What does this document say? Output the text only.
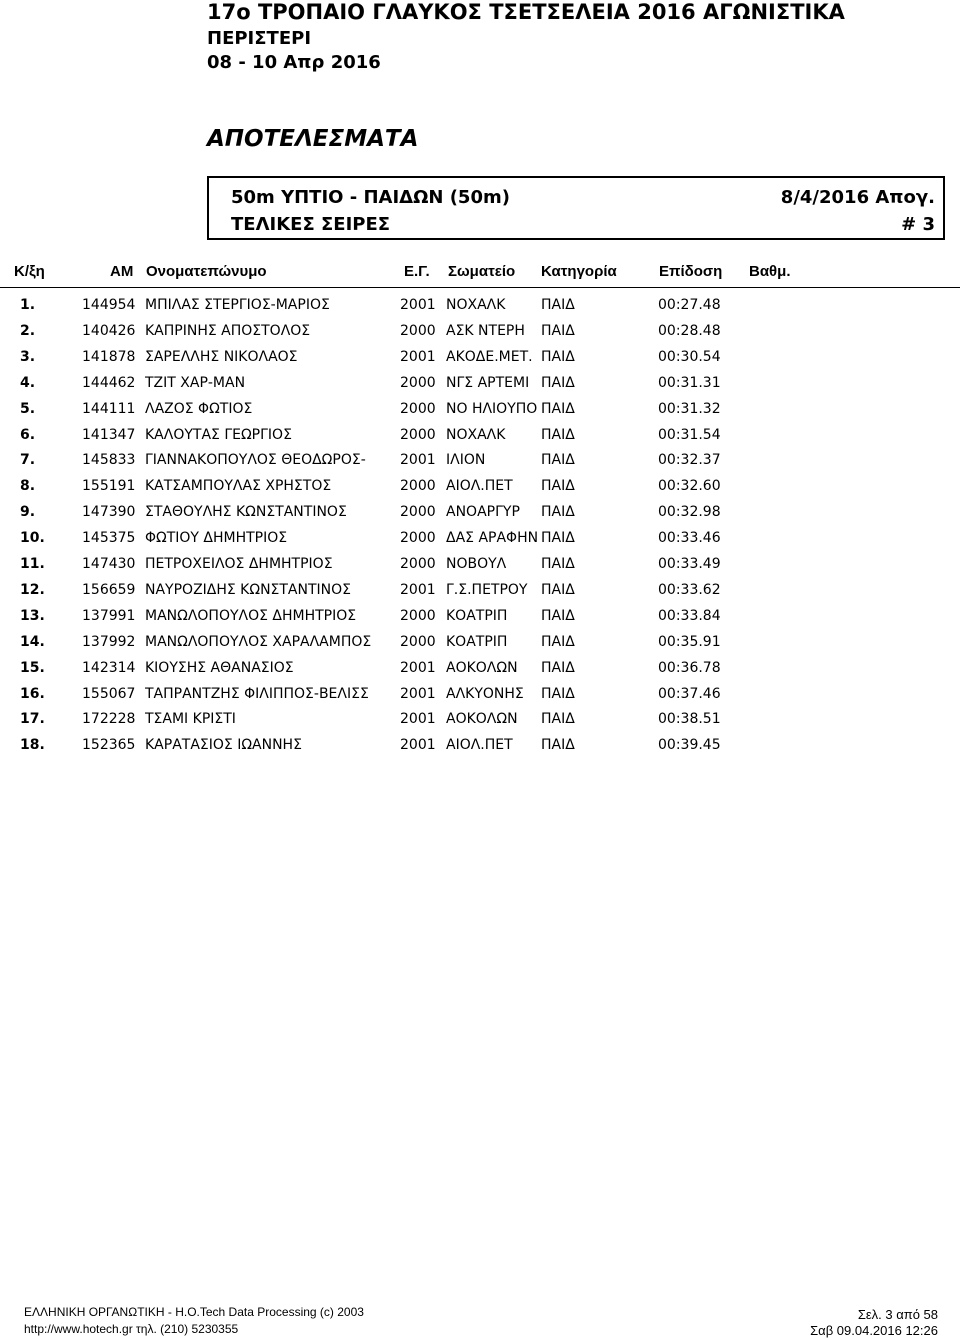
17ο ΤΡΟΠΑΙΟ ΓΛΑΥΚΟΣ ΤΣΕΤΣΕΛΕΙΑ 2016 ΑΓΩΝΙΣΤΙΚΑ
ΠΕΡΙΣΤΕΡΙ
08 - 10 Απρ 2016
ΑΠΟΤΕΛΕΣΜΑΤΑ
50m ΥΠΤΙΟ - ΠΑΙΔΩΝ (50m)
ΤΕΛΙΚΕΣ ΣΕΙΡΕΣ
8/4/2016 Απογ.
# 3
Κ/ξη	ΑΜ Ονοματεπώνυμο	Ε.Γ. Σωματείο Κατηγορία	Επίδοση Βαθμ.
1.	144954 ΜΠΙΛΑΣ ΣΤΕΡΓΙΟΣ-ΜΑΡΙΟΣ	2001 ΝΟΧΑΛΚ	ΠΑΙΔ	00:27.48
2.	140426 ΚΑΠΡΙΝΗΣ ΑΠΟΣΤΟΛΟΣ	2000 ΑΣΚ ΝΤΕΡΗ	ΠΑΙΔ	00:28.48
3.	141878 ΣΑΡΕΛΛΗΣ ΝΙΚΟΛΑΟΣ	2001 ΑΚΟΔΕ.ΜΕΤ. ΠΑΙΔ	00:30.54
4.	144462 ΤΖΙΤ ΧΑΡ-ΜΑΝ	2000 ΝΓΣ ΑΡΤΕΜΙ ΠΑΙΔ	00:31.31
5.	144111 ΛΑΖΟΣ ΦΩΤΙΟΣ	2000 ΝΟ ΗΛΙΟΥΠΟ ΠΑΙΔ	00:31.32
6.	141347 ΚΑΛΟΥΤΑΣ ΓΕΩΡΓΙΟΣ	2000 ΝΟΧΑΛΚ	ΠΑΙΔ	00:31.54
7.	145833 ΓΙΑΝΝΑΚΟΠΟΥΛΟΣ ΘΕΟΔΩΡΟΣ-	2001 ΙΛΙΟΝ	ΠΑΙΔ	00:32.37
8.	155191 ΚΑΤΣΑΜΠΟΥΛΑΣ ΧΡΗΣΤΟΣ	2000 ΑΙΟΛ.ΠΕΤ	ΠΑΙΔ	00:32.60
9.	147390 ΣΤΑΘΟΥΛΗΣ ΚΩΝΣΤΑΝΤΙΝΟΣ	2000 ΑΝΟΑΡΓΥΡ	ΠΑΙΔ	00:32.98
10.	145375 ΦΩΤΙΟΥ ΔΗΜΗΤΡΙΟΣ	2000 ΔΑΣ ΑΡΑΦΗΝ ΠΑΙΔ	00:33.46
11.	147430 ΠΕΤΡΟΧΕΙΛΟΣ ΔΗΜΗΤΡΙΟΣ	2000 ΝΟΒΟΥΛ	ΠΑΙΔ	00:33.49
12.	156659 ΝΑΥΡΟΖΙΔΗΣ ΚΩΝΣΤΑΝΤΙΝΟΣ	2001 Γ.Σ.ΠΕΤΡΟΥ ΠΑΙΔ	00:33.62
13.	137991 ΜΑΝΩΛΟΠΟΥΛΟΣ ΔΗΜΗΤΡΙΟΣ	2000 ΚΟΑΤΡΙΠ	ΠΑΙΔ	00:33.84
14.	137992 ΜΑΝΩΛΟΠΟΥΛΟΣ ΧΑΡΑΛΑΜΠΟΣ	2000 ΚΟΑΤΡΙΠ	ΠΑΙΔ	00:35.91
15.	142314 ΚΙΟΥΣΗΣ ΑΘΑΝΑΣΙΟΣ	2001 ΑΟΚΟΛΩΝ	ΠΑΙΔ	00:36.78
16.	155067 ΤΑΠΡΑΝΤΖΗΣ ΦΙΛΙΠΠΟΣ-ΒΕΛΙΣΣ	2001 ΑΛΚΥΟΝΗΣ	ΠΑΙΔ	00:37.46
17.	172228 ΤΣΑΜΙ ΚΡΙΣΤΙ	2001 ΑΟΚΟΛΩΝ	ΠΑΙΔ	00:38.51
18.	152365 ΚΑΡΑΤΑΣΙΟΣ ΙΩΑΝΝΗΣ	2001 ΑΙΟΛ.ΠΕΤ	ΠΑΙΔ	00:39.45
ΕΛΛΗΝΙΚΗ ΟΡΓΑΝΩΤΙΚΗ - Η.Ο.Tech Data Processing (c) 2003
http://www.hotech.gr τηλ. (210) 5230355
Σελ. 3 από 58
Σαβ 09.04.2016 12:26
